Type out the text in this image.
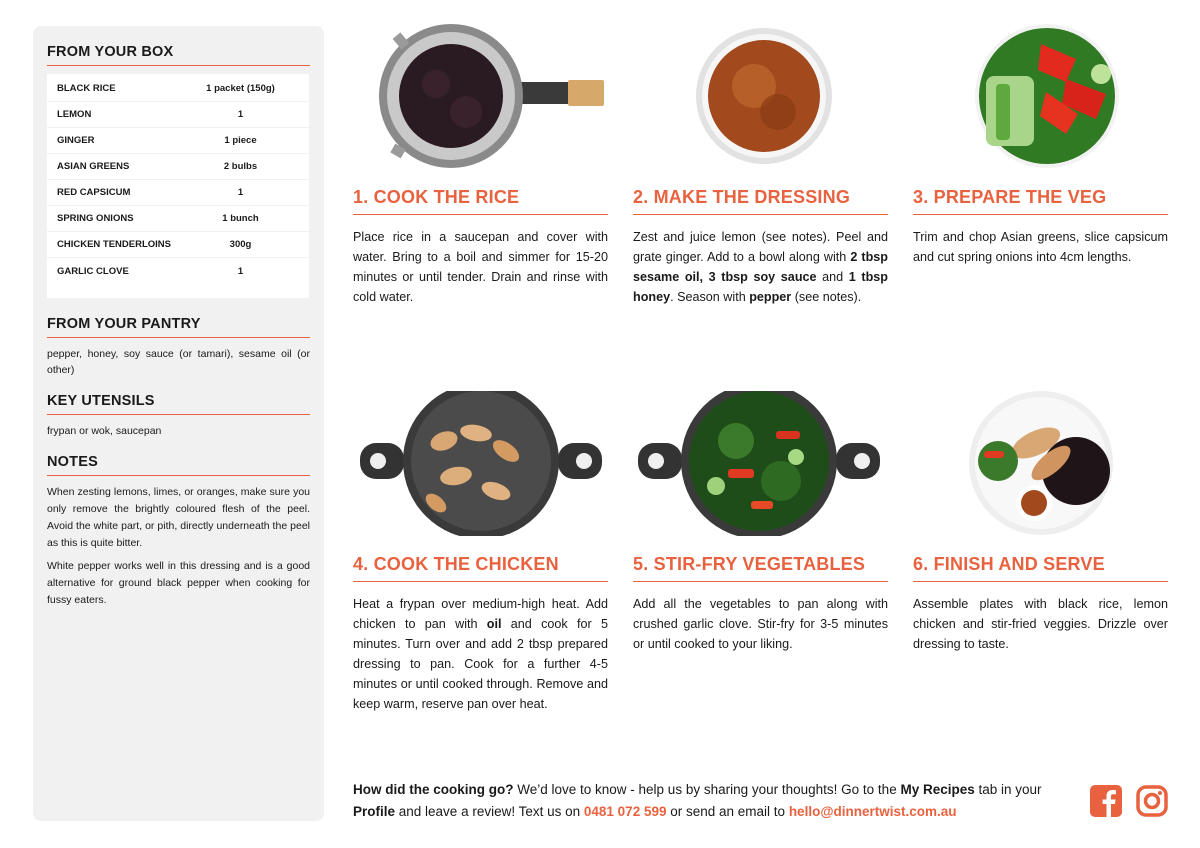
FROM YOUR BOX
BLACK RICE	1 packet (150g)
LEMON	1
GINGER	1 piece
ASIAN GREENS	2 bulbs
RED CAPSICUM	1
SPRING ONIONS	1 bunch
CHICKEN TENDERLOINS	300g
GARLIC CLOVE	1
FROM YOUR PANTRY
pepper, honey, soy sauce (or tamari), sesame oil (or other)
KEY UTENSILS
frypan or wok, saucepan
NOTES

When zesting lemons, limes, or oranges, make sure you only remove the brightly coloured flesh of the peel. Avoid the white part, or pith, directly underneath the peel as this is quite bitter.

White pepper works well in this dressing and is a good alternative for ground black pepper when cooking for fussy eaters.

1. COOK THE RICE
Place rice in a saucepan and cover with water. Bring to a boil and simmer for 15-20 minutes or until tender. Drain and rinse with cold water.
2. MAKE THE DRESSING
Zest and juice lemon (see notes). Peel and grate ginger. Add to a bowl along with 2 tbsp sesame oil, 3 tbsp soy sauce and 1 tbsp honey. Season with pepper (see notes).
3. PREPARE THE VEG
Trim and chop Asian greens, slice capsicum and cut spring onions into 4cm lengths.
4. COOK THE CHICKEN
Heat a frypan over medium-high heat. Add chicken to pan with oil and cook for 5 minutes. Turn over and add 2 tbsp prepared dressing to pan. Cook for a further 4-5 minutes or until cooked through. Remove and keep warm, reserve pan over heat.
5. STIR-FRY VEGETABLES
Add all the vegetables to pan along with crushed garlic clove. Stir-fry for 3-5 minutes or until cooked to your liking.
6. FINISH AND SERVE
Assemble plates with black rice, lemon chicken and stir-fried veggies. Drizzle over dressing to taste.
How did the cooking go? We’d love to know - help us by sharing your thoughts! Go to the My Recipes tab in your Profile and leave a review! Text us on 0481 072 599 or send an email to hello@dinnertwist.com.au
